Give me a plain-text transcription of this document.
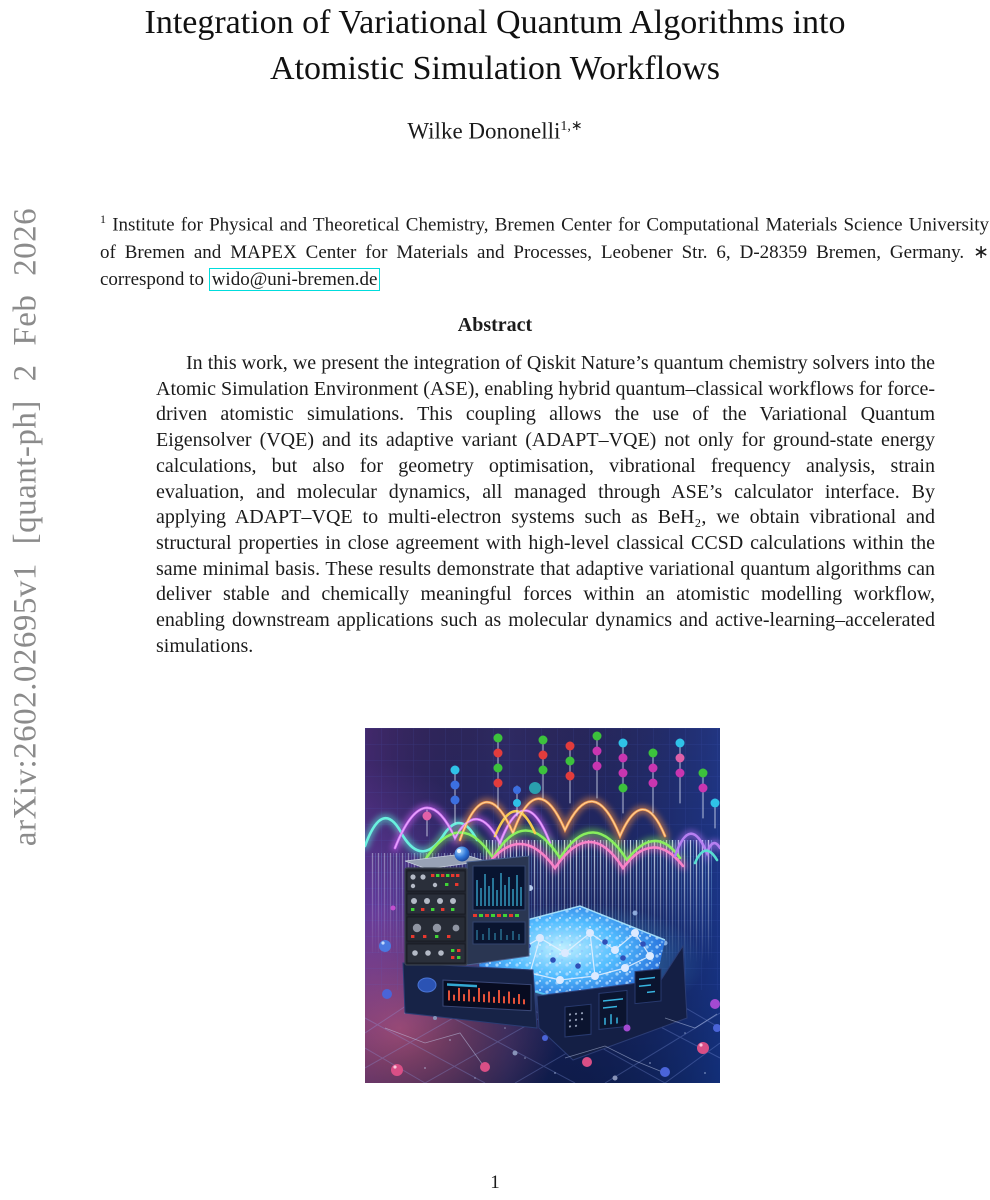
arXiv:2602.02695v1 [quant-ph] 2 Feb 2026
Integration of Variational Quantum Algorithms into
Atomistic Simulation Workflows
Wilke Dononelli$^{1,∗}$

$^1$ Institute for Physical and Theoretical Chemistry, Bremen Center for Computational Materials Science University of Bremen and MAPEX Center for Materials and Processes, Leobener Str. 6, D-28359 Bremen, Germany. ∗ correspond to wido@uni-bremen.de

Abstract

In this work, we present the integration of Qiskit Nature’s quantum chemistry solvers into the Atomic Simulation Environment (ASE), enabling hybrid quantum–classical workflows for force-driven atomistic simulations. This coupling allows the use of the Variational Quantum Eigensolver (VQE) and its adaptive variant (ADAPT–VQE) not only for ground-state energy calculations, but also for geometry optimisation, vibrational frequency analysis, strain evaluation, and molecular dynamics, all managed through ASE’s calculator interface. By applying ADAPT–VQE to multi-electron systems such as BeH₂, we obtain vibrational and structural properties in close agreement with high-level classical CCSD calculations within the same minimal basis. These results demonstrate that adaptive variational quantum algorithms can deliver stable and chemically meaningful forces within an atomistic modelling workflow, enabling downstream applications such as molecular dynamics and active-learning–accelerated simulations.

1
